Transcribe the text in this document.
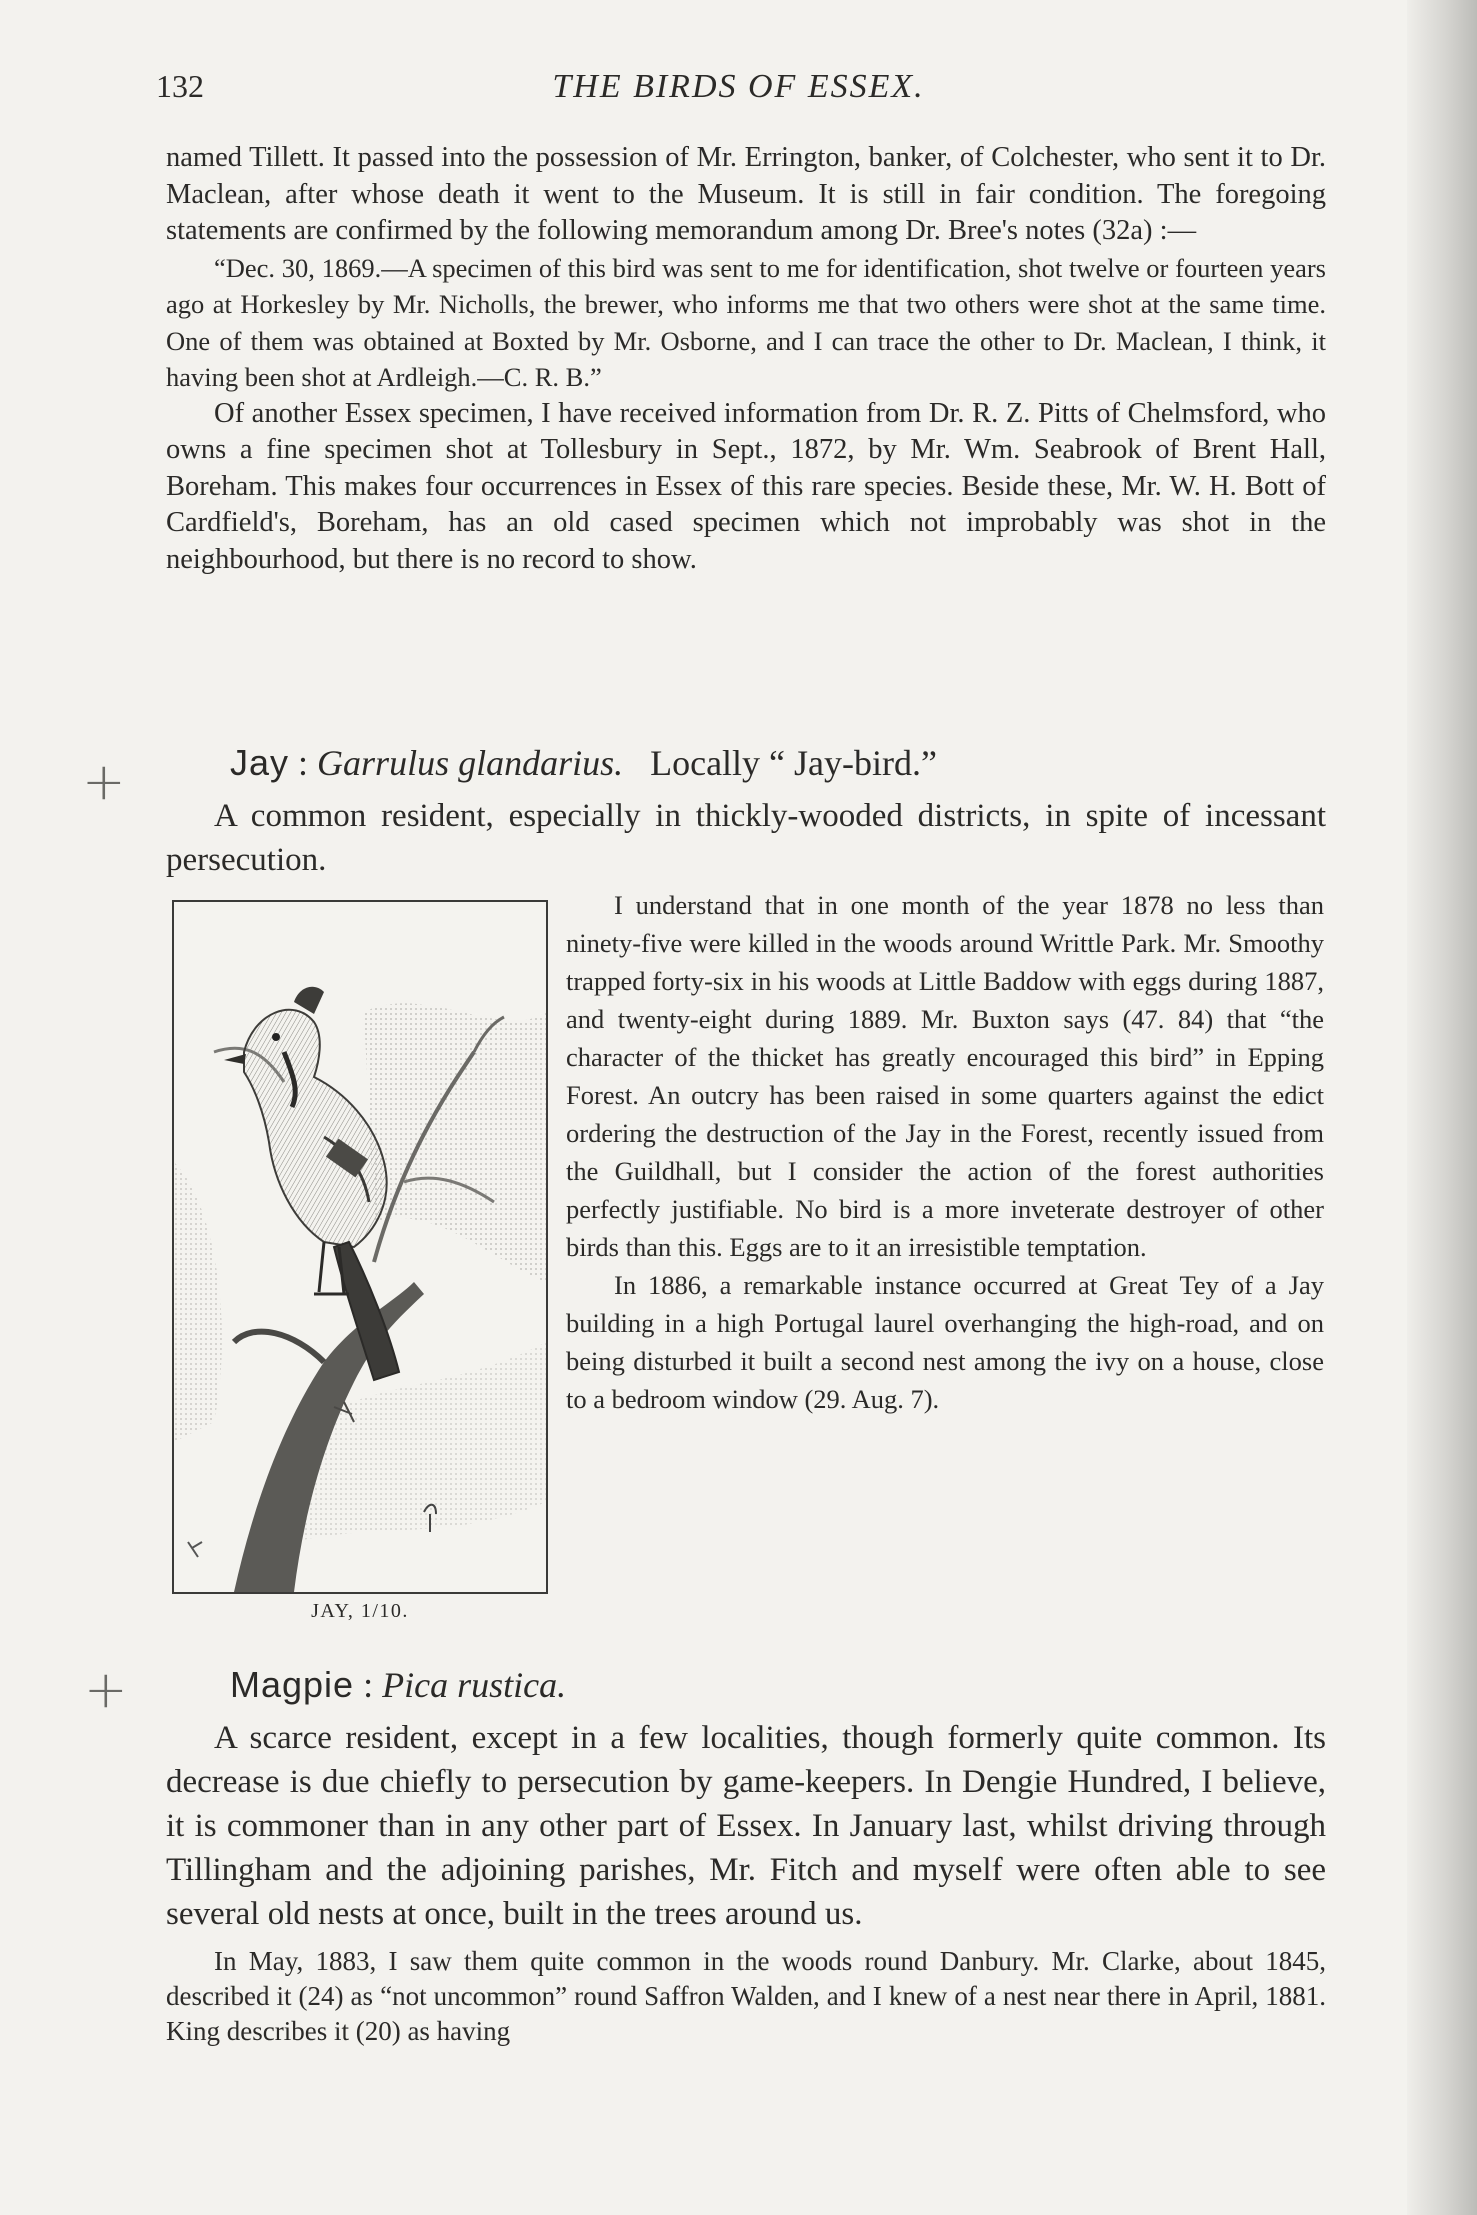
THE BIRDS OF ESSEX.
132

named Tillett. It passed into the possession of Mr. Errington, banker, of Colchester, who sent it to Dr. Maclean, after whose death it went to the Museum. It is still in fair condition. The foregoing statements are confirmed by the following memorandum among Dr. Bree's notes (32a) :—

“Dec. 30, 1869.—A specimen of this bird was sent to me for identification, shot twelve or fourteen years ago at Horkesley by Mr. Nicholls, the brewer, who informs me that two others were shot at the same time. One of them was obtained at Boxted by Mr. Osborne, and I can trace the other to Dr. Maclean, I think, it having been shot at Ardleigh.—C. R. B.”

Of another Essex specimen, I have received information from Dr. R. Z. Pitts of Chelmsford, who owns a fine specimen shot at Tollesbury in Sept., 1872, by Mr. Wm. Seabrook of Brent Hall, Boreham. This makes four occurrences in Essex of this rare species. Beside these, Mr. W. H. Bott of Cardfield's, Boreham, has an old cased specimen which not improbably was shot in the neighbourhood, but there is no record to show.

+	Jay : Garrulus glandarius. Locally “ Jay-bird.”

A common resident, especially in thickly-wooded districts, in spite of incessant persecution.

JAY, 1/10.

I understand that in one month of the year 1878 no less than ninety-five were killed in the woods around Writtle Park. Mr. Smoothy trapped forty-six in his woods at Little Baddow with eggs during 1887, and twenty-eight during 1889. Mr. Buxton says (47. 84) that “the character of the thicket has greatly encouraged this bird” in Epping Forest. An outcry has been raised in some quarters against the edict ordering the destruction of the Jay in the Forest, recently issued from the Guildhall, but I consider the action of the forest authorities perfectly justifiable. No bird is a more inveterate destroyer of other birds than this. Eggs are to it an irresistible temptation.

In 1886, a remarkable instance occurred at Great Tey of a Jay building in a high Portugal laurel overhanging the high-road, and on being disturbed it built a second nest among the ivy on a house, close to a bedroom window (29. Aug. 7).

+	Magpie : Pica rustica.

A scarce resident, except in a few localities, though formerly quite common. Its decrease is due chiefly to persecution by game-keepers. In Dengie Hundred, I believe, it is commoner than in any other part of Essex. In January last, whilst driving through Tillingham and the adjoining parishes, Mr. Fitch and myself were often able to see several old nests at once, built in the trees around us.

In May, 1883, I saw them quite common in the woods round Danbury. Mr. Clarke, about 1845, described it (24) as “not uncommon” round Saffron Walden, and I knew of a nest near there in April, 1881. King describes it (20) as having
